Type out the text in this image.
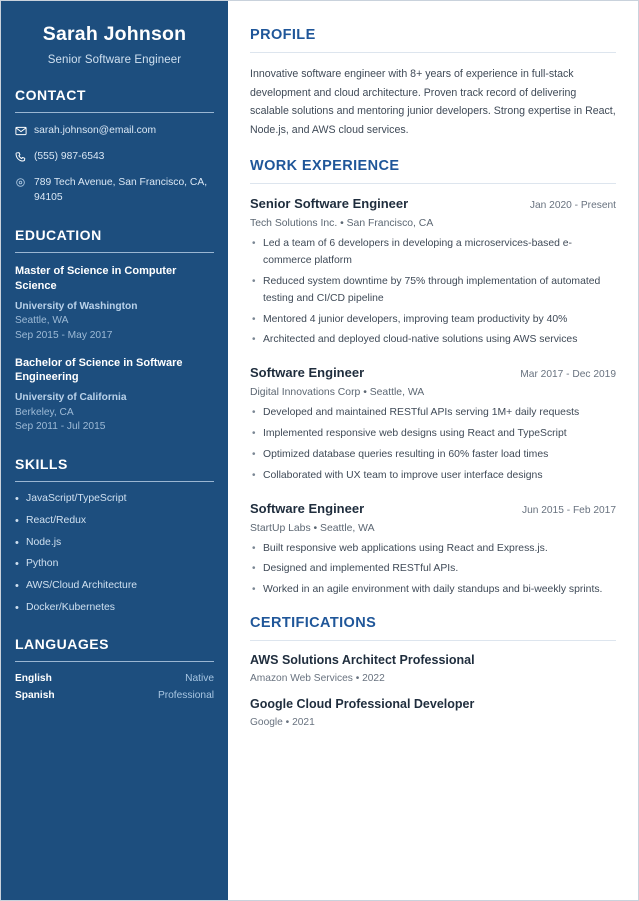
Sarah Johnson
Senior Software Engineer
CONTACT
sarah.johnson@email.com
(555) 987-6543
789 Tech Avenue, San Francisco, CA, 94105
EDUCATION
Master of Science in Computer Science
University of Washington
Seattle, WA
Sep 2015 - May 2017
Bachelor of Science in Software Engineering
University of California
Berkeley, CA
Sep 2011 - Jul 2015
SKILLS
• JavaScript/TypeScript
• React/Redux
• Node.js
• Python
• AWS/Cloud Architecture
• Docker/Kubernetes
LANGUAGES
English	Native
Spanish	Professional
PROFILE

Innovative software engineer with 8+ years of experience in full-stack development and cloud architecture. Proven track record of delivering scalable solutions and mentoring junior developers. Strong expertise in React, Node.js, and AWS cloud services.

WORK EXPERIENCE
Senior Software Engineer	Jan 2020 - Present
Tech Solutions Inc. • San Francisco, CA
• Led a team of 6 developers in developing a microservices-based e-commerce platform
• Reduced system downtime by 75% through implementation of automated testing and CI/CD pipeline
• Mentored 4 junior developers, improving team productivity by 40%
• Architected and deployed cloud-native solutions using AWS services
Software Engineer	Mar 2017 - Dec 2019
Digital Innovations Corp • Seattle, WA
• Developed and maintained RESTful APIs serving 1M+ daily requests
• Implemented responsive web designs using React and TypeScript
• Optimized database queries resulting in 60% faster load times
• Collaborated with UX team to improve user interface designs
Software Engineer	Jun 2015 - Feb 2017
StartUp Labs • Seattle, WA
• Built responsive web applications using React and Express.js.
• Designed and implemented RESTful APIs.
• Worked in an agile environment with daily standups and bi-weekly sprints.
CERTIFICATIONS
AWS Solutions Architect Professional
Amazon Web Services • 2022
Google Cloud Professional Developer
Google • 2021
